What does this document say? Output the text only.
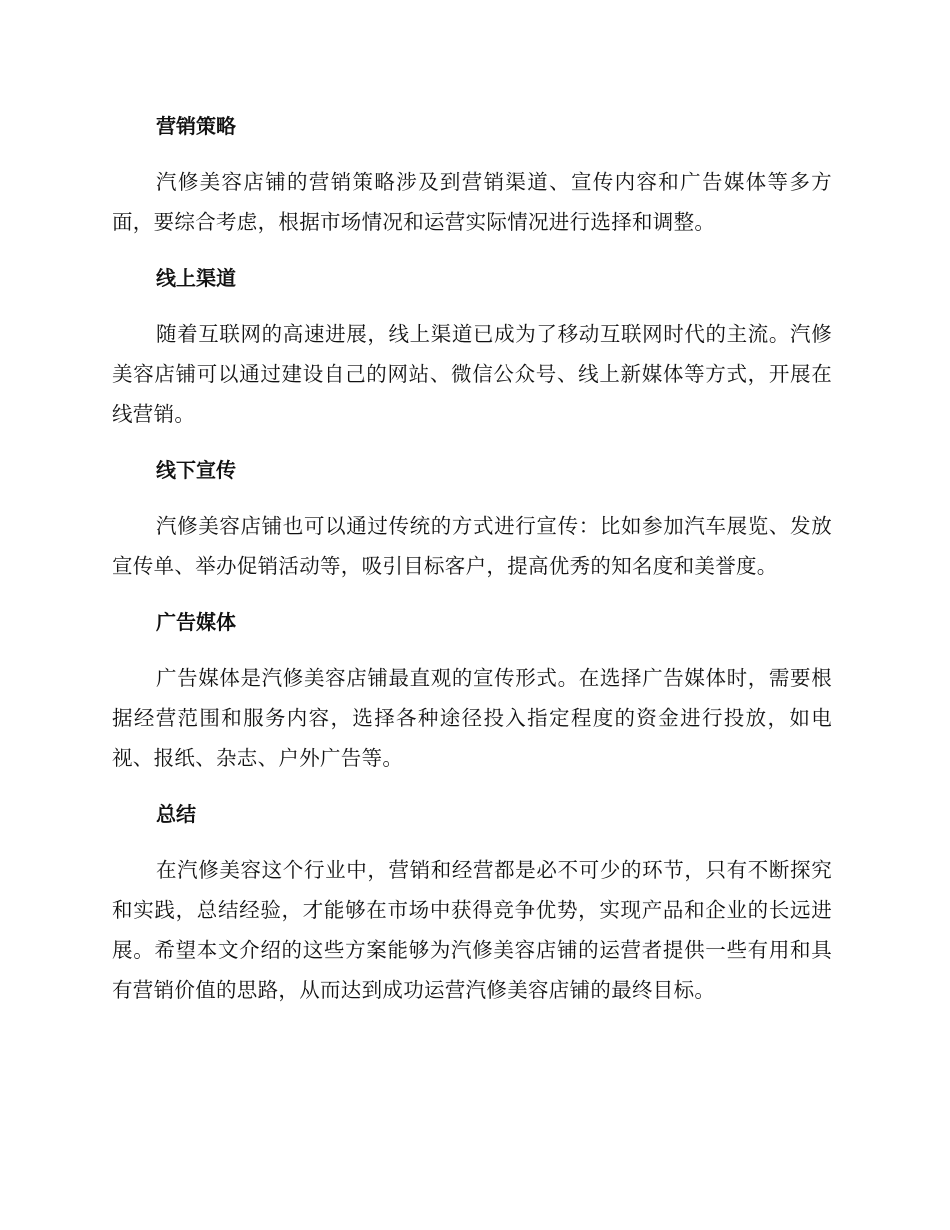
营销策略

汽修美容店铺的营销策略涉及到营销渠道、宣传内容和广告媒体等多方面，要综合考虑，根据市场情况和运营实际情况进行选择和调整。

线上渠道

随着互联网的高速进展，线上渠道已成为了移动互联网时代的主流。汽修美容店铺可以通过建设自己的网站、微信公众号、线上新媒体等方式，开展在线营销。

线下宣传

汽修美容店铺也可以通过传统的方式进行宣传：比如参加汽车展览、发放宣传单、举办促销活动等，吸引目标客户，提高优秀的知名度和美誉度。

广告媒体

广告媒体是汽修美容店铺最直观的宣传形式。在选择广告媒体时，需要根据经营范围和服务内容，选择各种途径投入指定程度的资金进行投放，如电视、报纸、杂志、户外广告等。

总结

在汽修美容这个行业中，营销和经营都是必不可少的环节，只有不断探究和实践，总结经验，才能够在市场中获得竞争优势，实现产品和企业的长远进展。希望本文介绍的这些方案能够为汽修美容店铺的运营者提供一些有用和具有营销价值的思路，从而达到成功运营汽修美容店铺的最终目标。
